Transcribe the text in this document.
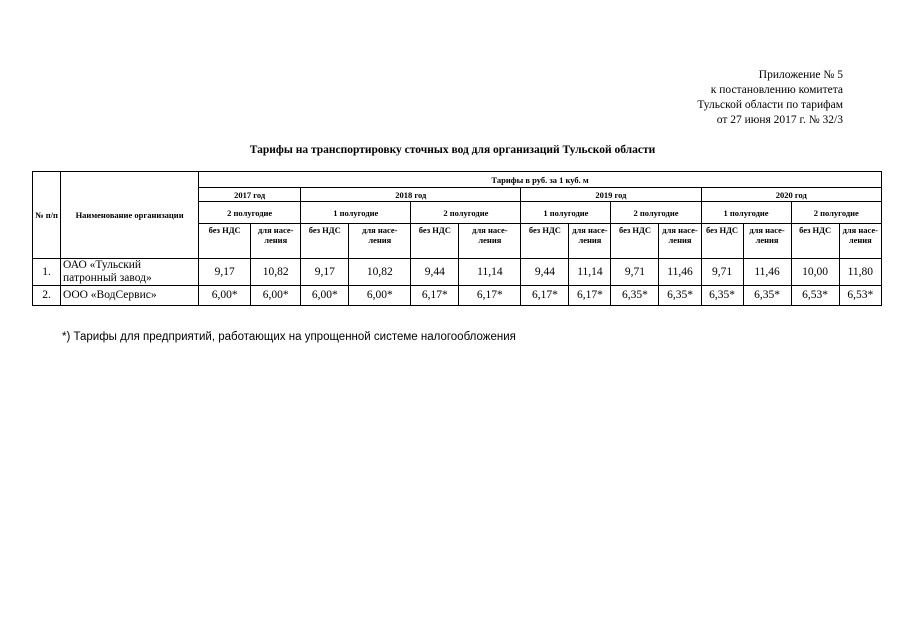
Приложение № 5
к постановлению комитета
Тульской области по тарифам
от 27 июня 2017 г. № 32/3
Тарифы на транспортировку сточных вод для организаций Тульской области
№ п/п	Наименование организации	Тарифы в руб. за 1 куб. м													
		2017 год		2018 год				2019 год				2020 год			
		2 полугодие		1 полугодие		2 полугодие		1 полугодие		2 полугодие		1 полугодие		2 полугодие	
		без НДС	для насе-ления	без НДС	для насе-ления	без НДС	для насе-ления	без НДС	для насе-ления	без НДС	для насе-ления	без НДС	для насе-ления	без НДС	для насе-ления
1.	ОАО «Тульский патронный завод»	9,17	10,82	9,17	10,82	9,44	11,14	9,44	11,14	9,71	11,46	9,71	11,46	10,00	11,80
2.	ООО «ВодСервис»	6,00*	6,00*	6,00*	6,00*	6,17*	6,17*	6,17*	6,17*	6,35*	6,35*	6,35*	6,35*	6,53*	6,53*
*) Тарифы для предприятий, работающих на упрощенной системе налогообложения
